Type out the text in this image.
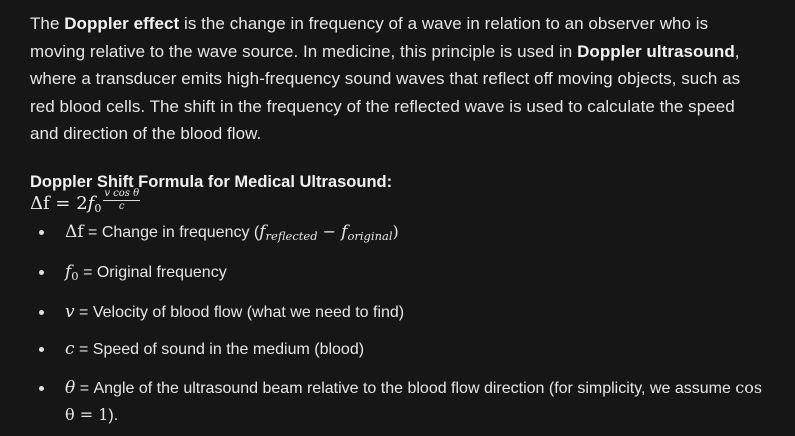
The Doppler effect is the change in frequency of a wave in relation to an observer who is moving relative to the wave source. In medicine, this principle is used in Doppler ultrasound, where a transducer emits high-frequency sound waves that reflect off moving objects, such as red blood cells. The shift in the frequency of the reflected wave is used to calculate the speed and direction of the blood flow.

Doppler Shift Formula for Medical Ultrasound:
Δf = 2 $f0 \frac{\text{v cos θ}}{c}$
Δf = Change in frequency $(f_{reflected} - f_{original})$
$f_0$ = Original frequency
v = Velocity of blood flow (what we need to find)
c = Speed of sound in the medium (blood)
θ = Angle of the ultrasound beam relative to the blood flow direction (for simplicity, we assume cos θ = 1).
